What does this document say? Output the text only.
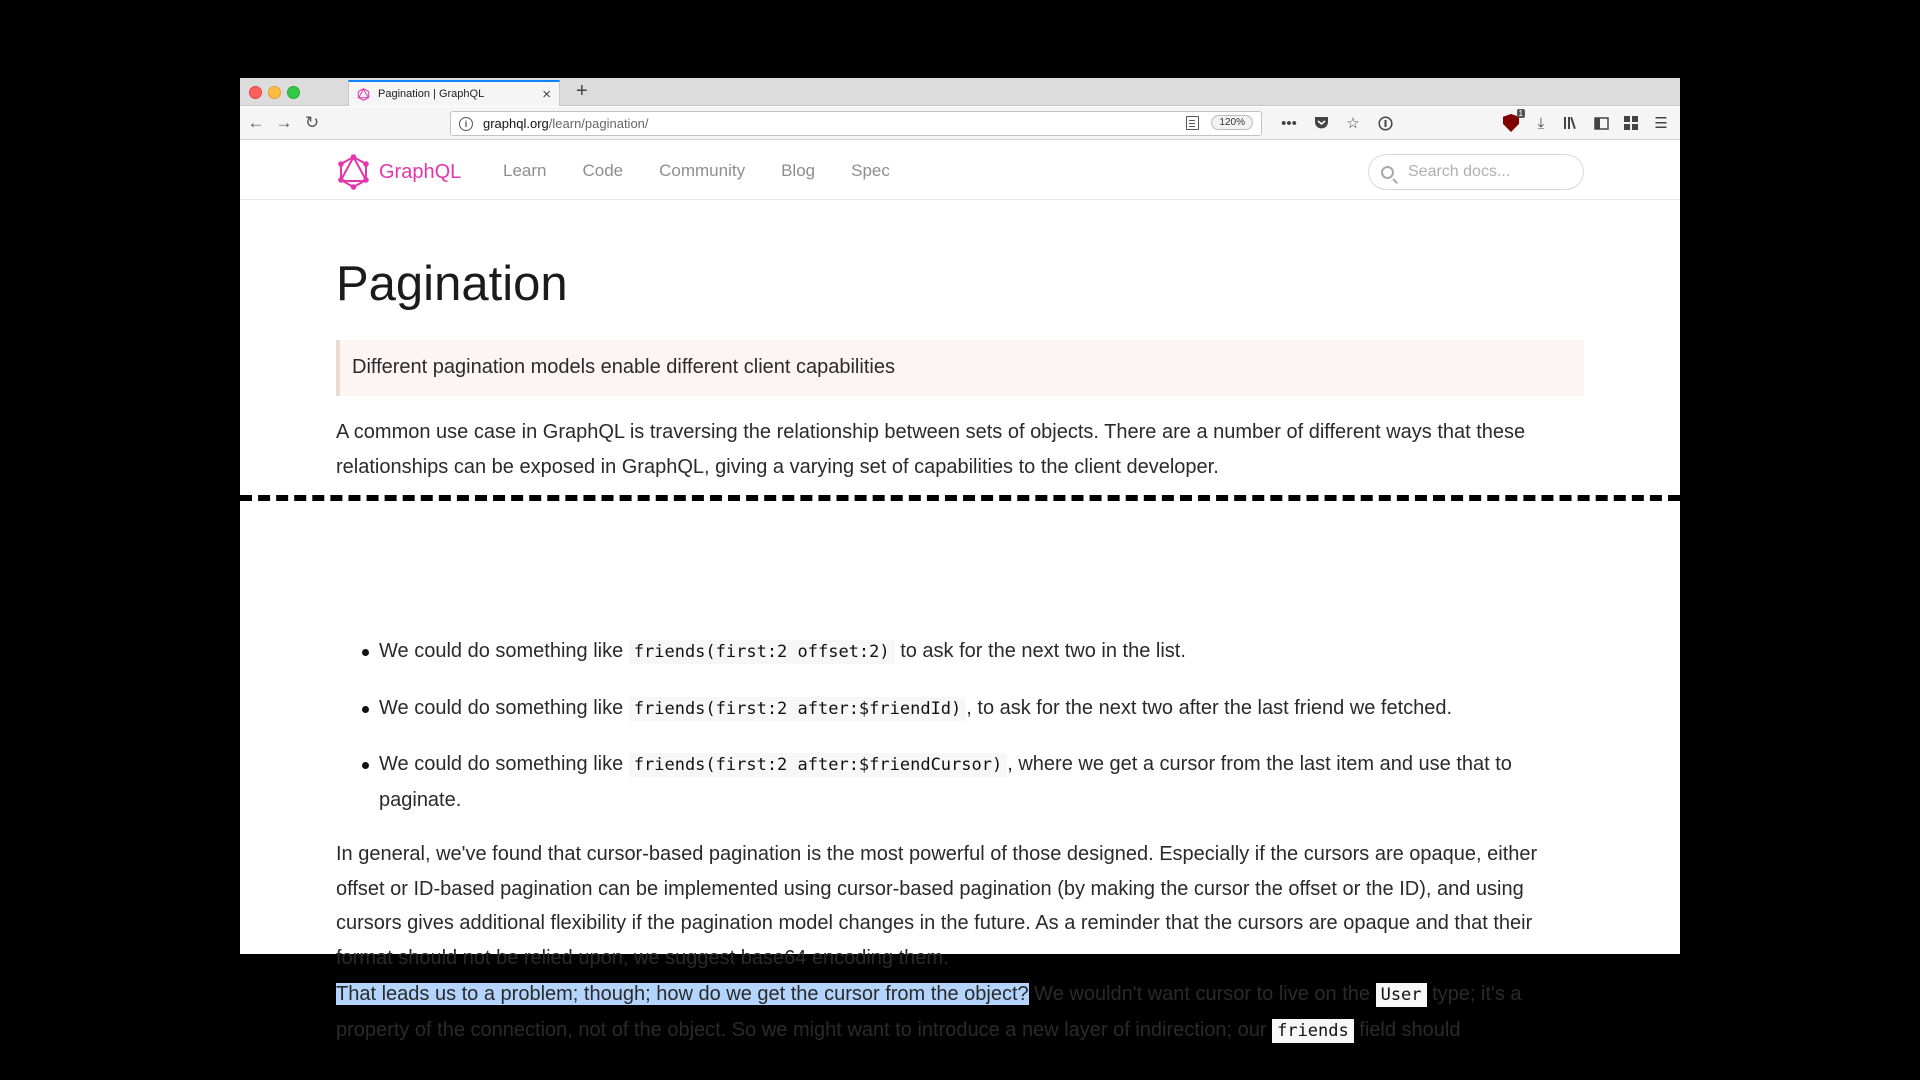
Pagination | GraphQL	× +
← → ↻	i	graphql.org /learn/pagination/	120%	•••	☆
1
⤓	☰
GraphQL Learn Code Community Blog Spec
Search docs...
Pagination
Different pagination models enable different client capabilities

A common use case in GraphQL is traversing the relationship between sets of objects. There are a number of different ways that these relationships can be exposed in GraphQL, giving a varying set of capabilities to the client developer.

We could do something like friends(first:2 offset:2) to ask for the next two in the list.
We could do something like friends(first:2 after:$friendId) , to ask for the next two after the last friend we fetched.
We could do something like friends(first:2 after:$friendCursor) , where we get a cursor from the last item and use that to paginate.

In general, we've found that cursor-based pagination is the most powerful of those designed. Especially if the cursors are opaque, either offset or ID-based pagination can be implemented using cursor-based pagination (by making the cursor the offset or the ID), and using cursors gives additional flexibility if the pagination model changes in the future. As a reminder that the cursors are opaque and that their format should not be relied upon, we suggest base64 encoding them.

That leads us to a problem; though; how do we get the cursor from the object? We wouldn't want cursor to live on the User type; it's a property of the connection, not of the object. So we might want to introduce a new layer of indirection; our friends field should
